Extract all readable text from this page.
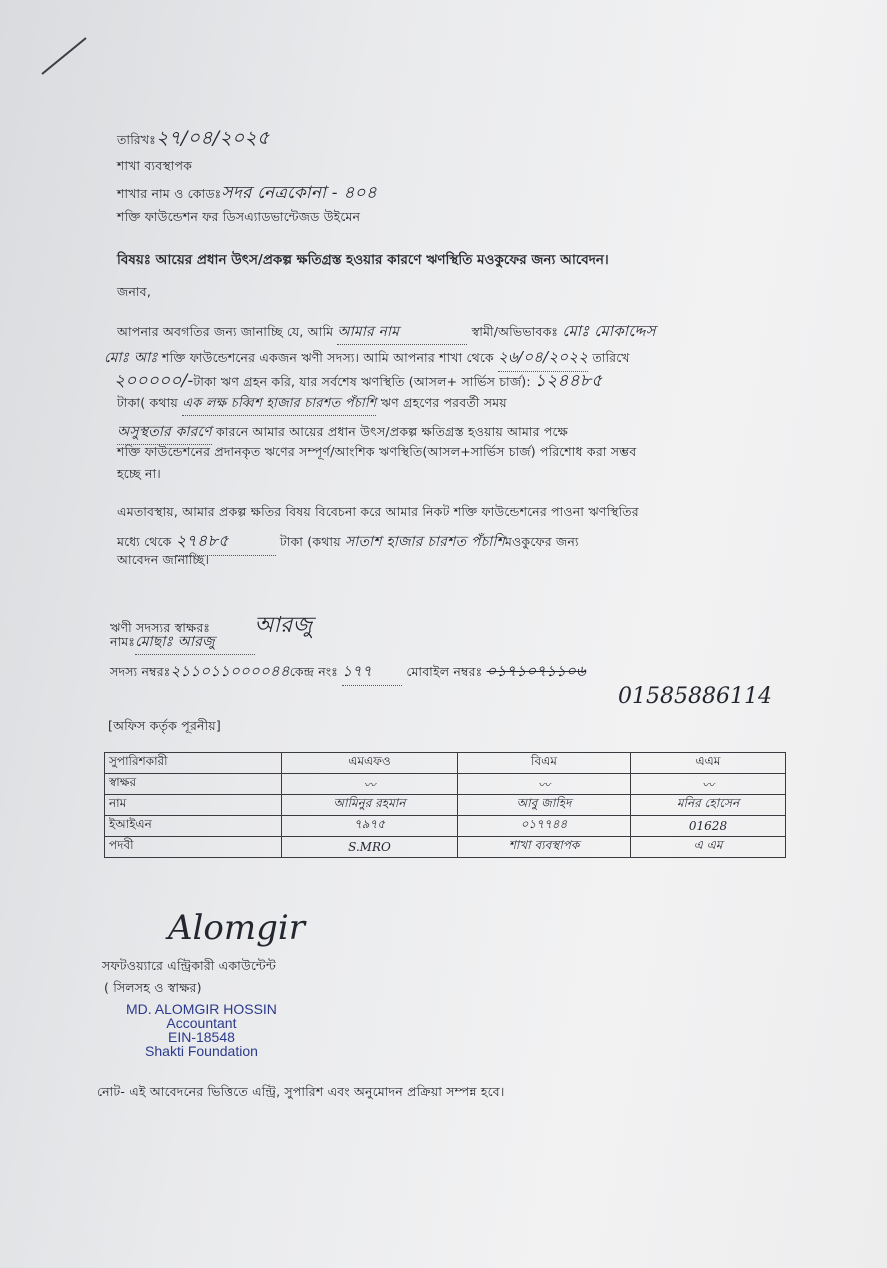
তারিখঃ২৭/০৪/২০২৫
শাখা ব্যবস্থাপক
শাখার নাম ও কোডঃসদর নেত্রকোনা - ৪০৪
শক্তি ফাউন্ডেশন ফর ডিসএ্যাডভান্টেজড উইমেন
বিষয়ঃ আয়ের প্রধান উৎস/প্রকল্প ক্ষতিগ্রস্ত হওয়ার কারণে ঋণস্থিতি মওকুফের জন্য আবেদন।
জনাব,
আপনার অবগতির জন্য জানাচ্ছি যে, আমি আমার নাম	স্বামী/অভিভাবকঃ মোঃ মোকাদ্দেস
মোঃ আঃ শক্তি ফাউন্ডেশনের একজন ঋণী সদস্য। আমি আপনার শাখা থেকে ২৬/০৪/২০২২ তারিখে
২০০০০০/-টাকা ঋণ গ্রহন করি, যার সর্বশেষ ঋণস্থিতি (আসল+ সার্ভিস চার্জ): ১২৪৪৮৫
টাকা( কথায় এক লক্ষ চব্বিশ হাজার চারশত পঁচাশি ঋণ গ্রহণের পরবর্তী সময়
অসুস্থতার কারণে কারনে আমার আয়ের প্রধান উৎস/প্রকল্প ক্ষতিগ্রস্ত হওয়ায় আমার পক্ষে
শক্তি ফাউন্ডেশনের প্রদানকৃত ঋণের সম্পূর্ণ/আংশিক ঋণস্থিতি(আসল+সার্ভিস চার্জ) পরিশোধ করা সম্ভব
হচ্ছে না।
এমতাবস্থায়, আমার প্রকল্প ক্ষতির বিষয় বিবেচনা করে আমার নিকট শক্তি ফাউন্ডেশনের পাওনা ঋণস্থিতির
মধ্যে থেকে ২৭৪৮৫	টাকা (কথায় সাতাশ হাজার চারশত পঁচাশিমওকুফের জন্য
আবেদন জানাচ্ছি।
ঋণী সদস্যর স্বাক্ষরঃ আরজু
নামঃমোছাঃ আরজু
সদস্য নম্বরঃ২১১০১১০০০০৪৪কেন্দ্র নংঃ ১৭৭	মোবাইল নম্বরঃ ০১৭১০৭১১০৬
01585886114
[অফিস কর্তৃক পূরনীয়]
সুপারিশকারী	এমএফও	বিএম	এএম
স্বাক্ষর	〰	〰	〰
নাম	আমিনুর রহমান	আবু জাহিদ	মনির হোসেন
ইআইএন	৭৯৭৫	০১৭৭৪৪	01628
পদবী	S.MRO	শাখা ব্যবস্থাপক	এ এম
Alomgir
সফটওয়্যারে এন্ট্রিকারী একাউন্টেন্ট
( সিলসহ ও স্বাক্ষর)
MD. ALOMGIR HOSSIN
Accountant
EIN-18548
Shakti Foundation
নোট- এই আবেদনের ভিত্তিতে এন্ট্রি, সুপারিশ এবং অনুমোদন প্রক্রিয়া সম্পন্ন হবে।
